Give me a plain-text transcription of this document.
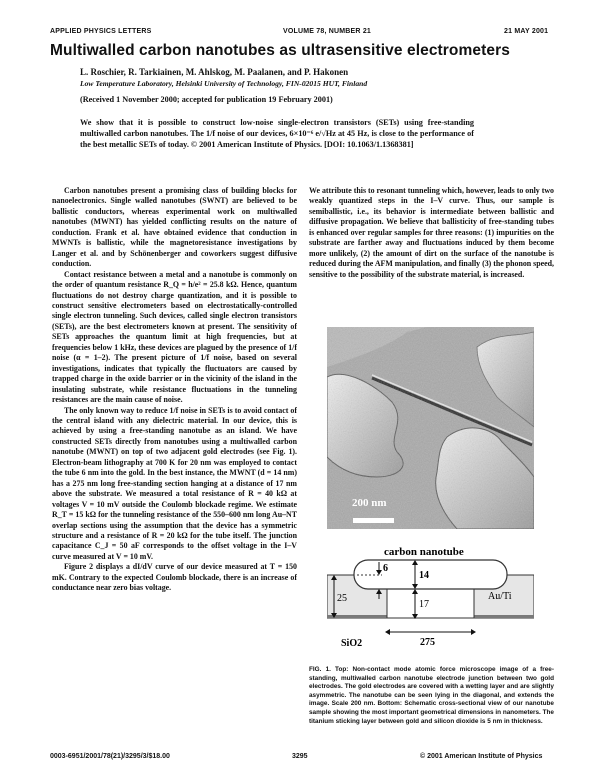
APPLIED PHYSICS LETTERS	VOLUME 78, NUMBER 21	21 MAY 2001
Multiwalled carbon nanotubes as ultrasensitive electrometers
L. Roschier, R. Tarkiainen, M. Ahlskog, M. Paalanen, and P. Hakonen
Low Temperature Laboratory, Helsinki University of Technology, FIN-02015 HUT, Finland
(Received 1 November 2000; accepted for publication 19 February 2001)
We show that it is possible to construct low-noise single-electron transistors (SETs) using free-standing multiwalled carbon nanotubes. The 1/f noise of our devices, 6×10⁻⁶ e/√Hz at 45 Hz, is close to the performance of the best metallic SETs of today. © 2001 American Institute of Physics. [DOI: 10.1063/1.1368381]

Carbon nanotubes present a promising class of building blocks for nanoelectronics. Single walled nanotubes (SWNT) are believed to be ballistic conductors, whereas experimental work on multiwalled nanotubes (MWNT) has yielded conflicting results on the nature of conduction. Frank et al. have obtained evidence that conduction in MWNTs is ballistic, while the magnetoresistance investigations by Langer et al. and by Schönenberger and coworkers suggest diffusive conduction.

Contact resistance between a metal and a nanotube is commonly on the order of quantum resistance R_Q = h/e² = 25.8 kΩ. Hence, quantum fluctuations do not destroy charge quantization, and it is possible to construct sensitive electrometers based on electrostatically-controlled single electron tunneling. Such devices, called single electron transistors (SETs), are the best electrometers known at present. The sensitivity of SETs approaches the quantum limit at high frequencies, but at frequencies below 1 kHz, these devices are plagued by the presence of 1/f noise (α = 1–2). The present picture of 1/f noise, based on several investigations, indicates that typically the fluctuators are caused by trapped charge in the oxide barrier or in the vicinity of the island in the insulating substrate, while resistance fluctuations in the tunneling resistances are the main cause of noise.

The only known way to reduce 1/f noise in SETs is to avoid contact of the central island with any dielectric material. In our device, this is achieved by using a free-standing nanotube as an island. We have constructed SETs directly from nanotubes using a multiwalled carbon nanotube (MWNT) on top of two adjacent gold electrodes (see Fig. 1). Electron-beam lithography at 700 K for 20 nm was employed to contact the tube 6 nm into the gold. In the best instance, the MWNT (d = 14 nm) has a 275 nm long free-standing section hanging at a distance of 17 nm above the substrate. We measured a total resistance of R = 40 kΩ at voltages V = 10 mV outside the Coulomb blockade regime. We estimate R_T = 15 kΩ for the tunneling resistance of the 550–600 nm long Au–NT overlap sections using the assumption that the device has a symmetric structure and a resistance of R = 20 kΩ for the tube itself. The junction capacitance C_J = 50 aF corresponds to the offset voltage in the I–V curve measured at V = 10 mV.

Figure 2 displays a dI/dV curve of our device measured at T = 150 mK. Contrary to the expected Coulomb blockade, there is an increase of conductance near zero bias voltage.

We attribute this to resonant tunneling which, however, leads to only two weakly quantized steps in the I–V curve. Thus, our sample is semiballistic, i.e., its behavior is intermediate between ballistic and diffusive propagation. We believe that ballisticity of free-standing tubes is enhanced over regular samples for three reasons: (1) impurities on the substrate are farther away and fluctuations induced by them become more unlikely, (2) the amount of dirt on the surface of the nanotube is reduced during the AFM manipulation, and finally (3) the phonon speed, sensitive to the possibility of the substrate material, is increased.

200 nm
carbon nanotube
6
14
25
17
275
Au/Ti
SiO2
FIG. 1. Top: Non-contact mode atomic force microscope image of a free-standing, multiwalled carbon nanotube electrode junction between two gold electrodes. The gold electrodes are covered with a wetting layer and are slightly asymmetric. The nanotube can be seen lying in the diagonal, and extends the image. Scale 200 nm. Bottom: Schematic cross-sectional view of our nanotube sample showing the most important geometrical dimensions in nanometers. The titanium sticking layer between gold and silicon dioxide is 5 nm in thickness.
0003-6951/2001/78(21)/3295/3/$18.00	3295	© 2001 American Institute of Physics
